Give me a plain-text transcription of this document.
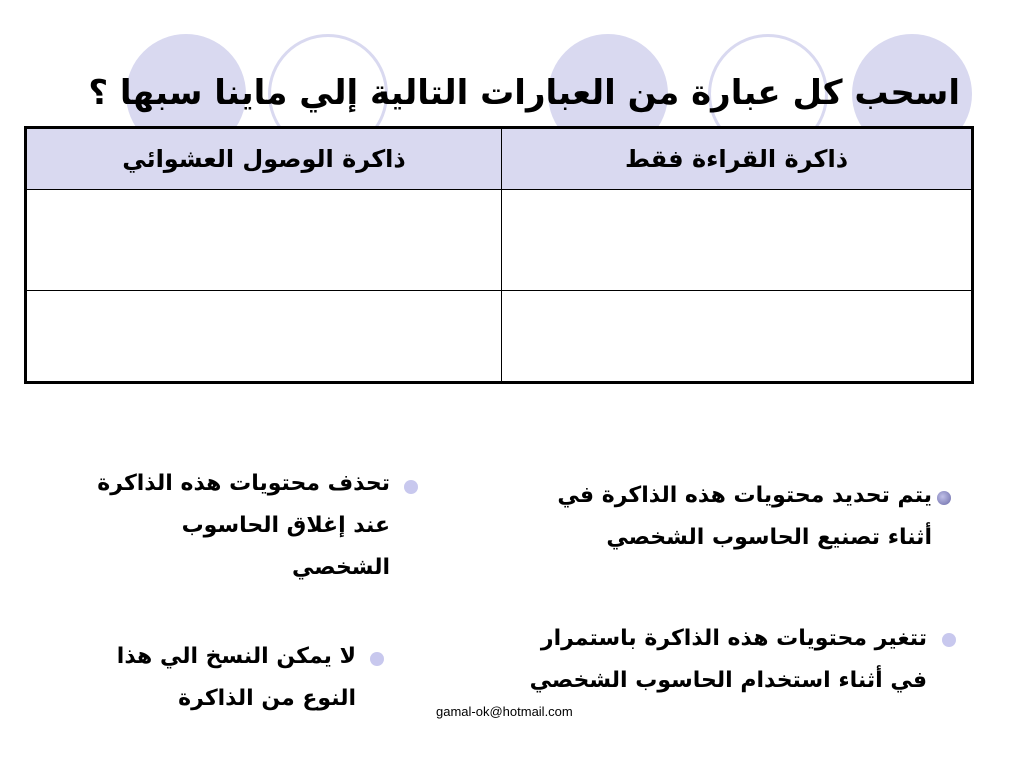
اسحب كل عبارة من العبارات التالية إلي ماينا سبها ؟
ذاكرة القراءة فقط
ذاكرة الوصول العشوائي
يتم تحديد محتويات هذه الذاكرة في أثناء تصنيع الحاسوب الشخصي
تحذف محتويات هذه الذاكرة عند إغلاق الحاسوب الشخصي
تتغير محتويات هذه الذاكرة باستمرار في أثناء استخدام الحاسوب الشخصي
لا يمكن النسخ الي هذا النوع من الذاكرة
gamal-ok@hotmail.com
